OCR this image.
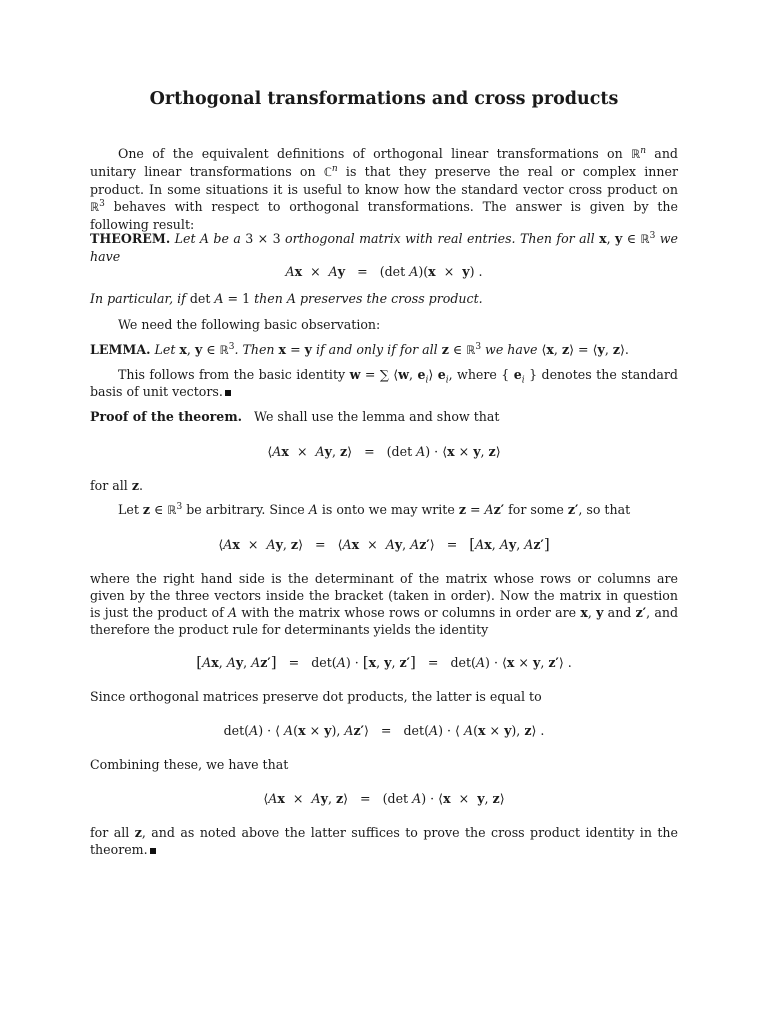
Orthogonal transformations and cross products
One of the equivalent definitions of orthogonal linear transformations on ℝ$^n$ and unitary linear transformations on ℂ$^n$ is that they preserve the real or complex inner product. In some situations it is useful to know how the standard vector cross product on ℝ$^3$ behaves with respect to orthogonal transformations. The answer is given by the following result:
THEOREM. Let A be a 3 × 3 orthogonal matrix with real entries. Then for all x, y ∈ ℝ$^3$ we have
Ax × Ay = (det A)(x × y) .
In particular, if det A = 1 then A preserves the cross product.
We need the following basic observation:
LEMMA. Let x, y ∈ ℝ$^3$. Then x = y if and only if for all z ∈ ℝ$^3$ we have ⟨x, z⟩ = ⟨y, z⟩.
This follows from the basic identity w = ∑ ⟨w, $e_i⟩$ $e_i$, where { $e_i$ } denotes the standard basis of unit vectors.
Proof of the theorem. We shall use the lemma and show that
⟨Ax × Ay, z⟩ = (det A) · ⟨x × y, z⟩
for all z.
Let z ∈ ℝ$^3$ be arbitrary. Since A is onto we may write z = Az′ for some z′, so that
⟨Ax × Ay, z⟩ = ⟨Ax × Ay, Az′⟩ = [Ax, Ay, Az′]
where the right hand side is the determinant of the matrix whose rows or columns are given by the three vectors inside the bracket (taken in order). Now the matrix in question is just the product of A with the matrix whose rows or columns in order are x, y and z′, and therefore the product rule for determinants yields the identity
[Ax, Ay, Az′] = det(A) · [x, y, z′] = det(A) · ⟨x × y, z′⟩ .
Since orthogonal matrices preserve dot products, the latter is equal to
det(A) · ⟨ A(x × y), Az′⟩ = det(A) · ⟨ A(x × y), z⟩ .
Combining these, we have that
⟨Ax × Ay, z⟩ = (det A) · ⟨x × y, z⟩
for all z, and as noted above the latter suffices to prove the cross product identity in the theorem.
